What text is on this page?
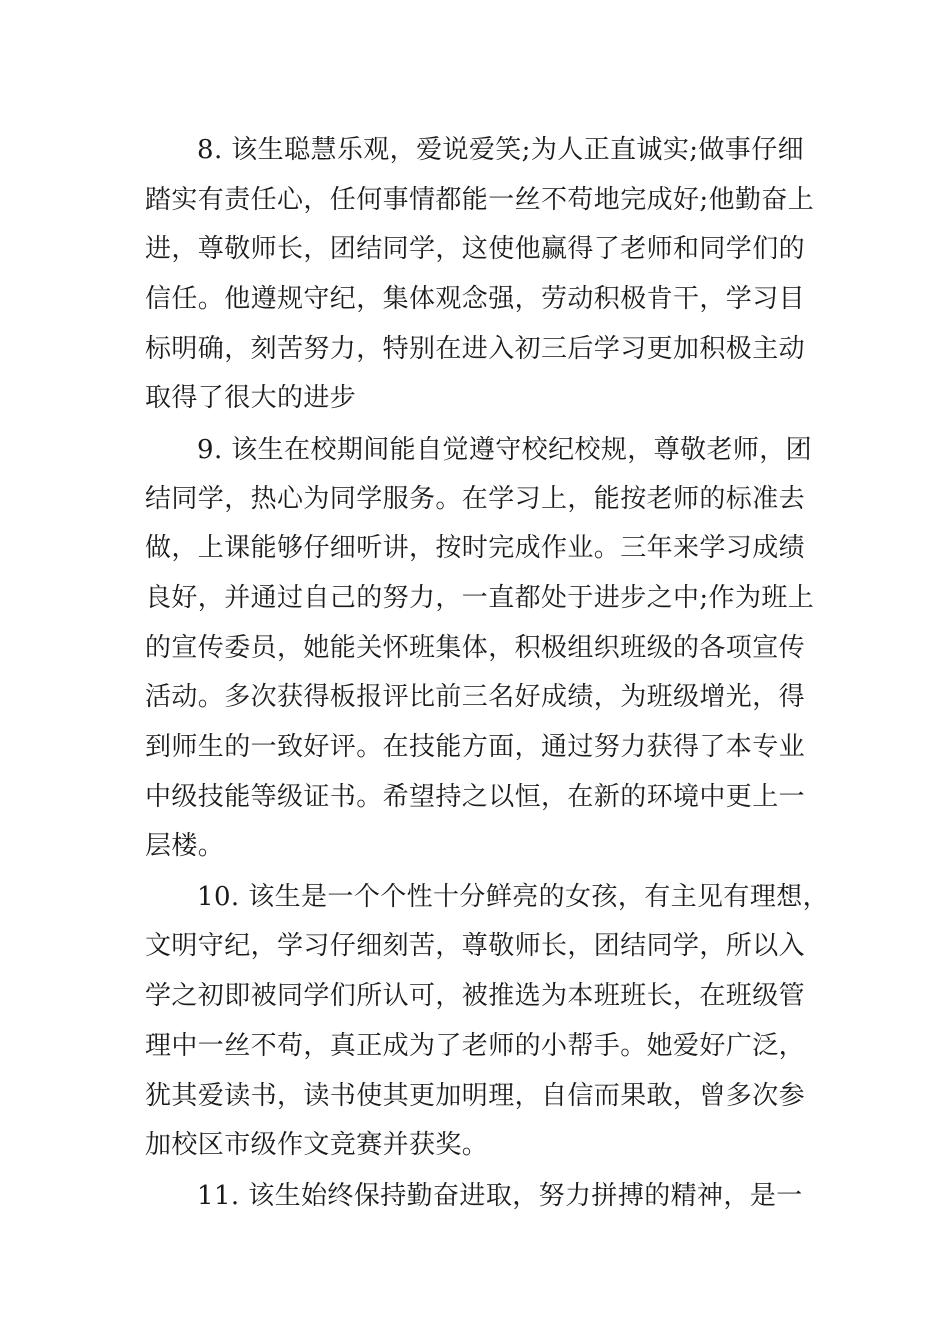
8. 该生聪慧乐观，爱说爱笑;为人正直诚实;做事仔细
踏实有责任心，任何事情都能一丝不苟地完成好;他勤奋上
进，尊敬师长，团结同学，这使他赢得了老师和同学们的
信任。他遵规守纪，集体观念强，劳动积极肯干，学习目
标明确，刻苦努力，特别在进入初三后学习更加积极主动
取得了很大的进步
9. 该生在校期间能自觉遵守校纪校规，尊敬老师，团
结同学，热心为同学服务。在学习上，能按老师的标准去
做，上课能够仔细听讲，按时完成作业。三年来学习成绩
良好，并通过自己的努力，一直都处于进步之中;作为班上
的宣传委员，她能关怀班集体，积极组织班级的各项宣传
活动。多次获得板报评比前三名好成绩，为班级增光，得
到师生的一致好评。在技能方面，通过努力获得了本专业
中级技能等级证书。希望持之以恒，在新的环境中更上一
层楼。
10. 该生是一个个性十分鲜亮的女孩，有主见有理想，
文明守纪，学习仔细刻苦，尊敬师长，团结同学，所以入
学之初即被同学们所认可，被推选为本班班长，在班级管
理中一丝不苟，真正成为了老师的小帮手。她爱好广泛，
犹其爱读书，读书使其更加明理，自信而果敢，曾多次参
加校区市级作文竞赛并获奖。
11. 该生始终保持勤奋进取，努力拼搏的精神，是一
